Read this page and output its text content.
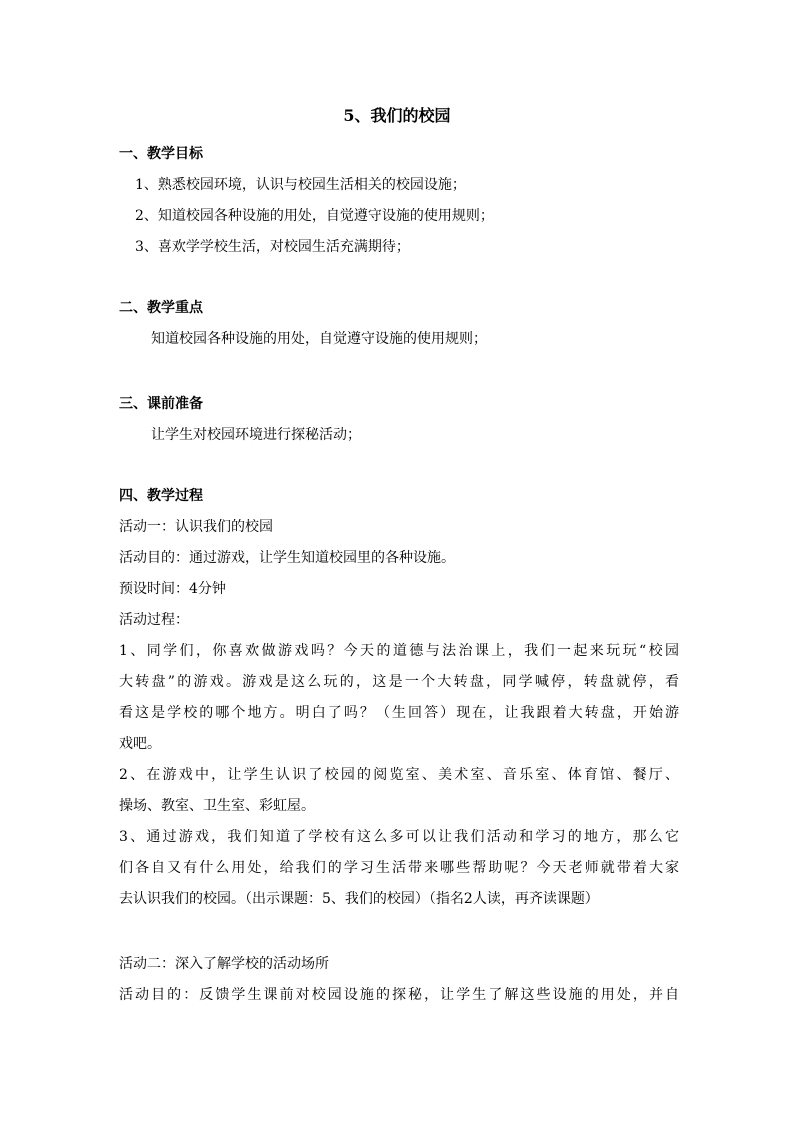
5、我们的校园
一、教学目标
1、熟悉校园环境，认识与校园生活相关的校园设施；
2、知道校园各种设施的用处，自觉遵守设施的使用规则；
3、喜欢学学校生活，对校园生活充满期待；
二、教学重点
知道校园各种设施的用处，自觉遵守设施的使用规则；
三、课前准备
让学生对校园环境进行探秘活动；
四、教学过程
活动一：认识我们的校园
活动目的：通过游戏，让学生知道校园里的各种设施。
预设时间：4分钟
活动过程：
1、同学们，你喜欢做游戏吗？今天的道德与法治课上，我们一起来玩玩“校园
大转盘”的游戏。游戏是这么玩的，这是一个大转盘，同学喊停，转盘就停，看
看这是学校的哪个地方。明白了吗？（生回答）现在，让我跟着大转盘，开始游
戏吧。
2、在游戏中，让学生认识了校园的阅览室、美术室、音乐室、体育馆、餐厅、
操场、教室、卫生室、彩虹屋。
3、通过游戏，我们知道了学校有这么多可以让我们活动和学习的地方，那么它
们各自又有什么用处，给我们的学习生活带来哪些帮助呢？今天老师就带着大家
去认识我们的校园。（出示课题：5、我们的校园）（指名2人读，再齐读课题）
活动二：深入了解学校的活动场所
活动目的：反馈学生课前对校园设施的探秘，让学生了解这些设施的用处，并自
